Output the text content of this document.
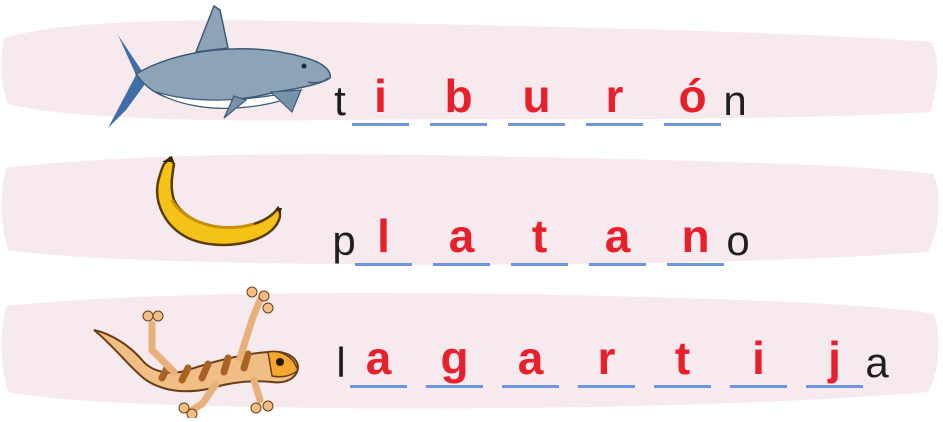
t i	b	u	r	ó n
p l	a	t	a	n o
l a	g	a	r	t	i	j a
